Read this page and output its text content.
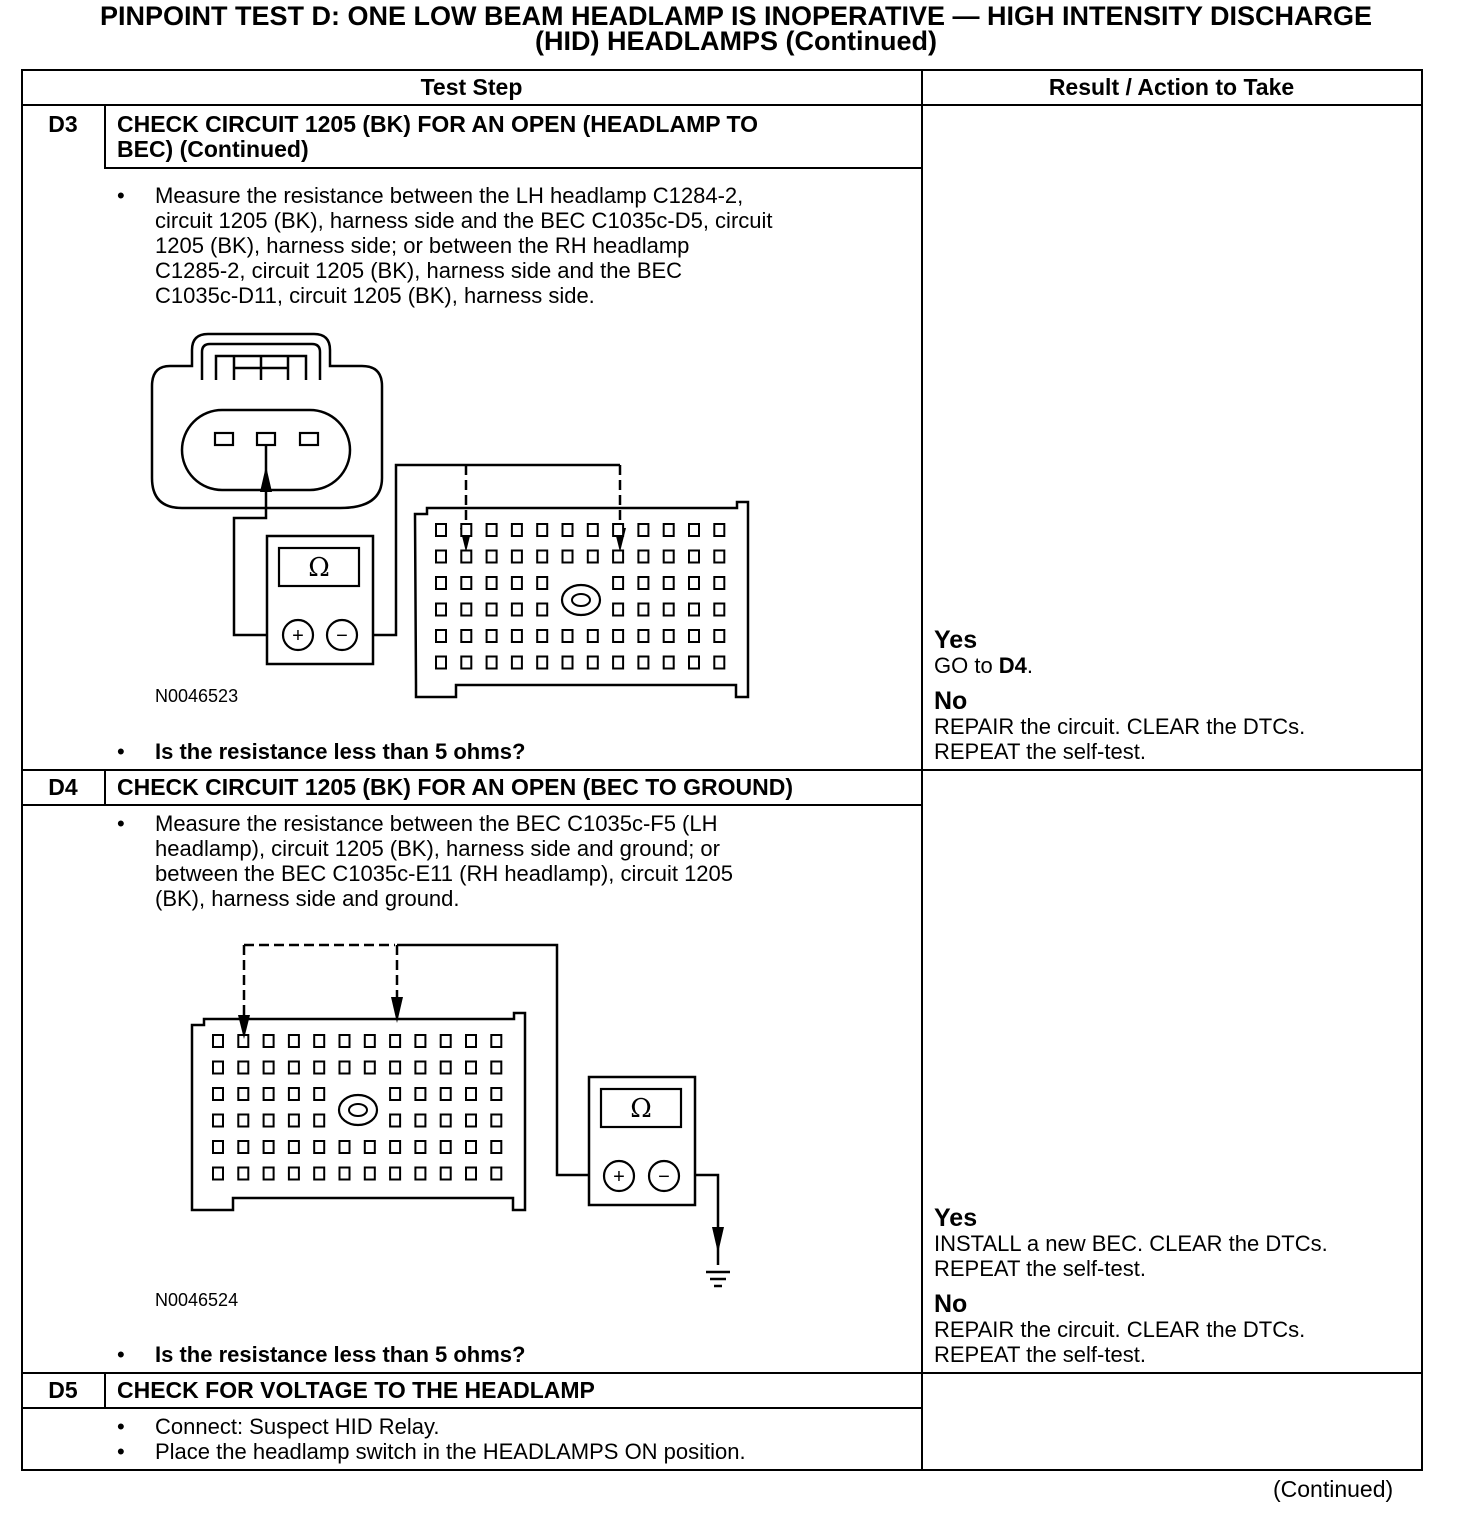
PINPOINT TEST D: ONE LOW BEAM HEADLAMP IS INOPERATIVE — HIGH INTENSITY DISCHARGE
(HID) HEADLAMPS (Continued)
Test Step	Result / Action to Take
D3	CHECK CIRCUIT 1205 (BK) FOR AN OPEN (HEADLAMP TO
BEC) (Continued)
• Measure the resistance between the LH headlamp C1284-2,
circuit 1205 (BK), harness side and the BEC C1035c-D5, circuit
1205 (BK), harness side; or between the RH headlamp
C1285-2, circuit 1205 (BK), harness side and the BEC
C1035c-D11, circuit 1205 (BK), harness side.
Ω
+ −
N0046523
• Is the resistance less than 5 ohms?
Yes
GO to D4.
No
REPAIR the circuit. CLEAR the DTCs.
REPEAT the self-test.
D4	CHECK CIRCUIT 1205 (BK) FOR AN OPEN (BEC TO GROUND)
• Measure the resistance between the BEC C1035c-F5 (LH
headlamp), circuit 1205 (BK), harness side and ground; or
between the BEC C1035c-E11 (RH headlamp), circuit 1205
(BK), harness side and ground.
Ω
+ −
N0046524
• Is the resistance less than 5 ohms?
Yes
INSTALL a new BEC. CLEAR the DTCs.
REPEAT the self-test.
No
REPAIR the circuit. CLEAR the DTCs.
REPEAT the self-test.
D5	CHECK FOR VOLTAGE TO THE HEADLAMP
• Connect: Suspect HID Relay.
• Place the headlamp switch in the HEADLAMPS ON position.
(Continued)
